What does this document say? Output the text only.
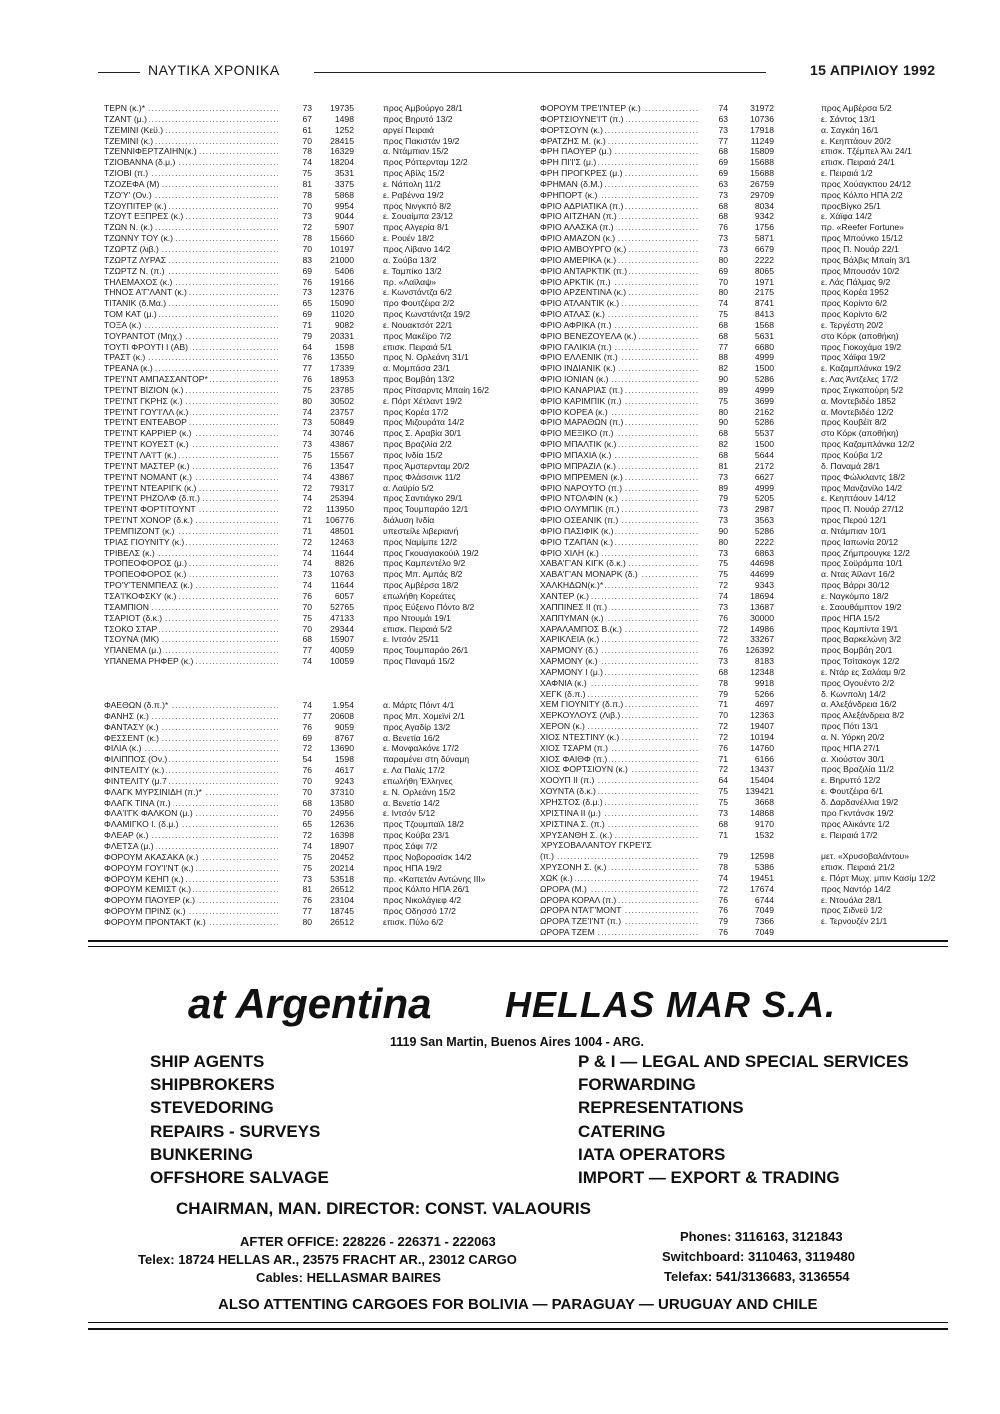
ΝΑΥΤΙΚΑ ΧΡΟΝΙΚΑ	15 ΑΠΡΙΛΙΟΥ 1992
ΤΕΡΝ (κ.)* .....	73	19735	προς Αμβούργο 28/1
ΤΖΑΝΤ (μ.) .....	67	1498	προς Βηρυτό 13/2
ΤΖΕΜΙΝΙ (Κεϋ.) .....	61	1252	αργεί Πειραιά
ΤΖΕΜΙΝΙ (κ.) .....	70	28415	προς Πακιστάν 19/2
ΤΖΕΝΝΙΦΕΡΤΖΑΙΗΝ(κ.) .....	78	16329	α. Ντάμπιαν 15/2
ΤΖΙΟΒΑΝΝΑ (δ.μ.) .....	74	18204	προς Ρόττερνταμ 12/2
ΤΖΙΟΒΙ (π.) .....	75	3531	προς Αβίλς 15/2
ΤΖΟΖΕΦΑ (Μ) .....	81	3375	ε. Νάπολη 11/2
ΤΖΟ'Υ' (Ον.) .....	78	5868	ε. Ραβέννα 19/2
ΤΖΟΥΠΙΤΕΡ (κ.) .....	70	9954	προς Νινγκπό 8/2
ΤΖΟΥΤ ΕΞΠΡΕΣ (κ.) .....	73	9044	ε. Σουαίμπα 23/12
ΤΖΩΝ Ν. (κ.) .....	72	5907	προς Αλγερία 8/1
ΤΖΩΝΝΥ ΤΟΥ (κ.) .....	78	15660	ε. Ρουέν 18/2
ΤΖΩΡΤΖ (λιβ.) .....	70	10197	προς Λίβανο 14/2
ΤΖΩΡΤΖ ΛΥΡΑΣ .....	83	21000	α. Σούβα 13/2
ΤΖΩΡΤΖ Ν. (π.) .....	69	5406	ε. Ταμπίκο 13/2
ΤΗΛΕΜΑΧΟΣ (κ.) .....	76	19166	πρ. «Λαϊλαψ»
ΤΗΝΟΣ Α'Γ'ΛΑΝΤ (κ.) .....	73	12376	ε. Κωνστάντζα 6/2
ΤΙΤΑΝΙΚ (δ.Μα.) .....	65	15090	προ Φουτζέιρα 2/2
ΤΟΜ ΚΑΤ (μ.) .....	69	11020	προς Κωνστάντζα 19/2
ΤΟΞΑ (κ.) .....	71	9082	ε. Νουακτσότ 22/1
ΤΟΥΡΑΝΤΟΤ (Μηχ.) .....	79	20331	προς Μακέϊρο 7/2
ΤΟΥΤΙ ΦΡΟΥΤΙ Ι (ΑΒ) .....	64	1598	επισκ. Πειραιά 5/1
ΤΡΑΣΤ (κ.) .....	76	13550	προς Ν. Ορλεάνη 31/1
ΤΡΕΑΝΑ (κ.) .....	77	17339	α. Μομπάσα 23/1
ΤΡΕ'Ι'ΝΤ ΑΜΠΑΣΣΑΝΤΟΡ* .....	76	18953	προς Βομβάη 13/2
ΤΡΕ'Ι'ΝΤ ΒΙΖΙΟΝ (κ.) .....	75	23785	προς Ρίτσαρντς Μπαίη 16/2
ΤΡΕ'Ι'ΝΤ ΓΚΡΗΣ (κ.) .....	80	30502	ε. Πόρτ Χέτλαντ 19/2
ΤΡΕ'Ι'ΝΤ ΓΟΥ'Ι'ΛΛ (κ.) .....	74	23757	προς Κορέα 17/2
ΤΡΕ'Ι'ΝΤ ΕΝΤΕΑΒΟΡ .....	73	50849	προς Μιζουράτα 14/2
ΤΡΕ'Ι'ΝΤ ΚΑΡΡΙΕΡ (κ.) .....	74	30746	προς Σ. Αραβία 30/1
ΤΡΕ'Ι'ΝΤ ΚΟΥΕΣΤ (κ.) .....	73	43867	προς Βραζιλία 2/2
ΤΡΕ'Ι'ΝΤ ΛΑ'Ι'Τ (κ.) .....	75	15567	προς Ινδία 15/2
ΤΡΕ'Ι'ΝΤ ΜΑΣΤΕΡ (κ.) .....	76	13547	προς Άμστερνταμ 20/2
ΤΡΕ'Ι'ΝΤ ΝΟΜΑΝΤ (κ.) .....	74	43867	προς Φλάσσινκ 11/2
ΤΡΕ'Ι'ΝΤ ΝΤΕΑΡΙΓΚ (κ.) .....	72	79317	α. Λαϋρίο 5/2
ΤΡΕ'Ι'ΝΤ ΡΗΖΟΛΦ (δ.π.) .....	74	25394	προς Σαντιάγκο 29/1
ΤΡΕ'Ι'ΝΤ ΦΟΡΤΙΤΟΥΝΤ .....	72	113950	προς Τουμπαράο 12/1
ΤΡΕ'Ι'ΝΤ ΧΟΝΟΡ (δ.κ.) .....	71	106776	διάλυση Ινδία
ΤΡΕΜΠΙΖΟΝΤ (κ.) .....	71	48501	υπεστείλε λιβεριανή
ΤΡΙΑΣ ΓΙΟΥΝΙΤΥ (κ.) .....	72	12463	προς Ναμίμπε 12/2
ΤΡΙΒΕΛΣ (κ.) .....	74	11644	προς Γκουαγιακούιλ 19/2
ΤΡΟΠΕΟΦΟΡΟΣ (μ.) .....	74	8826	προς Καμπεντέλο 9/2
ΤΡΟΠΕΟΦΟΡΟΣ (κ.) .....	73	10763	προς Μπ. Αμπάς 8/2
ΤΡΟ'Υ'ΤΕΝΜΠΕΛΣ (κ.) .....	74	11644	προς Αμβέρσα 18/2
ΤΣΑ'Ι'ΚΟΦΣΚΥ (κ.) .....	76	6057	επωλήθη Κορεάτες
ΤΣΑΜΠΙΟΝ .....	70	52765	προς Εύξεινο Πόντο 8/2
ΤΣΑΡΙΟΤ (δ.κ.) .....	75	47133	προ Ντουμάι 19/1
ΤΣΟΚΟ ΣΤΑΡ .....	70	29344	επισκ. Πειραιά 5/2
ΤΣΟΥΝΑ (ΜΚ) .....	68	15907	ε. Ιντσόν 25/11
ΥΠΑΝΕΜΑ (μ.) .....	77	40059	προς Τουμπαράο 26/1
ΥΠΑΝΕΜΑ ΡΗΦΕΡ (κ.) .....	74	10059	προς Παναμά 15/2
ΦΑΕΘΩΝ (δ.π.)* .....	74	1.954	α. Μάρτς Πόιντ 4/1
ΦΑΝΗΣ (κ.) .....	77	20608	προς Μπ. Χομεϊνί 2/1
ΦΑΝΤΑΣΥ (κ.) .....	76	9059	προς Αγαδίρ 13/2
ΦΕΣΣΕΝΤ (κ.) .....	69	8767	α. Βενετία 16/2
ΦΙΛΙΑ (κ.) .....	72	13690	ε. Μονφαλκόνε 17/2
ΦΙΛΙΠΠΟΣ (Ον.) .....	54	1598	παραμένει στη δύναμη
ΦΙΝΤΕΛΙΤΥ (κ.) .....	76	4617	ε. Λα Παλίς 17/2
ΦΙΝΤΕΛΙΤΥ (μ.7 .....	70	9243	επωλήθη Έλληνες
ΦΛΑΓΚ ΜΥΡΣΙΝΙΔΗ (π.)* .....	70	37310	ε. Ν. Ορλεάνη 15/2
ΦΛΑΓΚ ΤΙΝΑ (π.) .....	68	13580	α. Βενετία 14/2
ΦΛΑ'Ι'ΓΚ ΦΑΛΚΟΝ (μ.) .....	70	24956	ε. Ιντσόν 5/12
ΦΛΑΜΙΓΚΟ Ι. (δ.μ.) .....	65	12636	προς Τζουμπαϊλ 18/2
ΦΛΕΑΡ (κ.) .....	72	16398	προς Κούβα 23/1
ΦΛΕΤΣΑ (μ.) .....	74	18907	προς Σάφι 7/2
ΦΟΡΟΥΜ ΑΚΑΣΑΚΑ (κ.) .....	75	20452	προς Νοβοροσίσκ 14/2
ΦΟΡΟΥΜ ΓΟΥ'Ι'ΝΤ (κ.) .....	75	20214	προς ΗΠΑ 19/2
ΦΟΡΟΥΜ ΚΕΗΠ (κ.) .....	73	53518	πρ. «Καπετάν Αντώνης ΙΙΙ»
ΦΟΡΟΥΜ ΚΕΜΙΣΤ (κ.) .....	81	26512	προς Κόλπο ΗΠΑ 26/1
ΦΟΡΟΥΜ ΠΑΟΥΕΡ (κ.) .....	76	23104	προς Νικολάγιεφ 4/2
ΦΟΡΟΥΜ ΠΡΙΝΣ (κ.) .....	77	18745	προς Οδησσό 17/2
ΦΟΡΟΥΜ ΠΡΟΝΤΑΚΤ (κ.) .....	80	26512	επισκ. Πύλο 6/2
ΦΟΡΟΥΜ ΤΡΕ'Ι'ΝΤΕΡ (κ.) .....	74	31972	προς Αμβέρσα 5/2
ΦΟΡΤΣΙΟΥΝΕ'Ι'Τ (π.) .....	63	10736	ε. Σάντος 13/1
ΦΟΡΤΣΟΥΝ (κ.) .....	73	17918	α. Σαγκάη 16/1
ΦΡΑΤΖΗΣ Μ. (κ.) .....	77	11249	ε. Κεηπτάουν 20/2
ΦΡΗ ΠΑΟΥΕΡ (μ.) .....	68	15809	επισκ. Τζέμπελ Άλι 24/1
ΦΡΗ ΠΙ'Ι'Σ (μ.) .....	69	15688	επισκ. Πειραιά 24/1
ΦΡΗ ΠΡΟΓΚΡΕΣ (μ.) .....	69	15688	ε. Πειραιά 1/2
ΦΡΗΜΑΝ (δ.Μ.) .....	63	26759	προς Χούαγκπου 24/12
ΦΡΗΠΟΡΤ (κ.) .....	73	29709	προς Κόλπο ΗΠΑ 2/2
ΦΡΙΟ ΑΔΡΙΑΤΙΚΑ (π.) .....	68	8034	προςΒίγκο 25/1
ΦΡΙΟ ΑΙΤΖΗΑΝ (π.) .....	68	9342	ε. Χάϊφα 14/2
ΦΡΙΟ ΑΛΑΣΚΑ (π.) .....	76	1756	πρ. «Reefer Fortune»
ΦΡΙΟ ΑΜΑΖΟΝ (κ.) .....	73	5871	προς Μπούνκο 15/12
ΦΡΙΟ ΑΜΒΟΥΡΓΟ (κ.) .....	73	6679	προς Π. Νουάρ 22/1
ΦΡΙΟ ΑΜΕΡΙΚΑ (κ.) .....	80	2222	προς Βάλβις Μπαίη 3/1
ΦΡΙΟ ΑΝΤΑΡΚΤΙΚ (π.) .....	69	8065	προς Μπουσάν 10/2
ΦΡΙΟ ΑΡΚΤΙΚ (π.) .....	70	1971	ε. Λάς Πάλμας 9/2
ΦΡΙΟ ΑΡΖΕΝΤΙΝΑ (κ.) .....	80	2175	προς Κορέα 1952
ΦΡΙΟ ΑΤΛΑΝΤΙΚ (κ.) .....	74	8741	προς Κορίντο 6/2
ΦΡΙΟ ΑΤΛΑΣ (κ.) .....	75	8413	προς Κορίντο 6/2
ΦΡΙΟ ΑΦΡΙΚΑ (π.) .....	68	1568	ε. Τεργέστη 20/2
ΦΡΙΟ ΒΕΝΕΖΟΥΕΛΑ (κ.) .....	68	5631	στο Κόρκ (αποθήκη)
ΦΡΙΟ ΓΑΛΙΚΙΑ (π.) .....	77	6680	προς Γιοκοχάμα 19/2
ΦΡΙΟ ΕΛΛΕΝΙΚ (π.) .....	88	4999	προς Χάϊφα 19/2
ΦΡΙΟ ΙΝΔΙΑΝΙΚ (κ.) .....	82	1500	ε. Καζαμπλάνκα 19/2
ΦΡΙΟ ΙΟΝΙΑΝ (κ.) .....	90	5286	ε. Λας Άντζελες 17/2
ΦΡΙΟ ΚΑΝΑΡΙΑΣ (π.) .....	89	4999	προς Σιγκαπούρη 5/2
ΦΡΙΟ ΚΑΡΙΜΠΙΚ (π.) .....	75	3699	α. Μοντεβιδέο 1852
ΦΡΙΟ ΚΟΡΕΑ (κ.) .....	80	2162	α. Μοντεβιδέο 12/2
ΦΡΙΟ ΜΑΡΑΘΩΝ (π.) .....	90	5286	προς Κουβέϊτ 8/2
ΦΡΙΟ ΜΕΞΙΚΟ (π.) .....	68	5537	στο Κόρκ (αποθήκη)
ΦΡΙΟ ΜΠΑΛΤΙΚ (κ.) .....	82	1500	προς Καζαμπλάνκα 12/2
ΦΡΙΟ ΜΠΑΧΙΑ (κ.) .....	68	5644	προς Κούβα 1/2
ΦΡΙΟ ΜΠΡΑΖΙΛ (κ.) .....	81	2172	δ. Παναμά 28/1
ΦΡΙΟ ΜΠΡΕΜΕΝ (κ.) .....	73	6627	προς Φώλκλαντς 18/2
ΦΡΙΟ ΝΑΡΟΥΤΟ (π.) .....	89	4999	προς Μανζανίλο 14/2
ΦΡΙΟ ΝΤΟΛΦΙΝ (κ.) .....	79	5205	ε. Κεηπτάουν 14/12
ΦΡΙΟ ΟΛΥΜΠΙΚ (π.) .....	73	2987	προς Π. Νουάρ 27/12
ΦΡΙΟ ΟΣΕΑΝΙΚ (π.) .....	73	3563	προς Περού 12/1
ΦΡΙΟ ΠΑΣΙΦΙΚ (κ.) .....	90	5286	α. Ντάμπιαν 10/1
ΦΡΙΟ ΤΖΑΠΑΝ (κ.) .....	80	2222	προς Ιαπωνία 20/12
ΦΡΙΟ ΧΙΛΗ (κ.) .....	73	6863	προς Ζήμπρουγκε 12/2
ΧΑΒΑ'Γ'ΑΝ ΚΙΓΚ (δ.κ.) .....	75	44698	προς Σοϋράμπα 10/1
ΧΑΒΑ'Γ'ΑΝ ΜΟΝΑΡΚ (δ.) .....	75	44699	α. Ντας Άϊλαντ 16/2
ΧΑΛΚΗΔΩΝ(κ.)* .....	72	9343	προς Βάρρι 30/12
ΧΑΝΤΕΡ (κ.) .....	74	18694	ε. Ναγκόμπο 18/2
ΧΑΠΠΙΝΕΣ ΙΙ (π.) .....	73	13687	ε. Σαουθάμπτον 19/2
ΧΑΠΠΥΜΑΝ (κ.) .....	76	30000	προς ΗΠΑ 15/2
ΧΑΡΑΛΑΜΠΟΣ Β.(κ.) .....	72	14986	προς Καμπίντα 19/1
ΧΑΡΙΚΛΕΙΑ (κ.) .....	72	33267	προς Βαρκελώνη 3/2
ΧΑΡΜΟΝΥ (δ.) .....	76	126392	προς Βομβάη 20/1
ΧΑΡΜΟΝΥ (κ.) .....	73	8183	προς Τσίτακογκ 12/2
ΧΑΡΜΟΝΥ Ι (μ.) .....	68	12348	ε. Ντάρ ες Σαλάαμ 9/2
ΧΑΦΝΙΑ (κ.) .....	78	9918	προς Ογουέντο 2/2
ΧΕΓΚ (δ.π.) .....	79	5266	δ. Κωνπολη 14/2
ΧΕΜ ΓΙΟΥΝΙΤΥ (δ.π.) .....	71	4697	α. Αλεξάνδρεια 16/2
ΧΕΡΚΟΥΛΟΥΣ (Λιβ.) .....	70	12363	προς Αλεξάνδρεια 8/2
ΧΕΡΟΝ (κ.) .....	72	19407	προς Πότι 13/1
ΧΙΟΣ ΝΤΕΣΤΙΝΥ (κ.) .....	72	10194	α. Ν. Υόρκη 20/2
ΧΙΟΣ ΤΣΑΡΜ (π.) .....	76	14760	προς ΗΠΑ 27/1
ΧΙΟΣ ΦΑΙΘΦ (π.) .....	71	6166	α. Χιούστον 30/1
ΧΙΟΣ ΦΟΡΤΣΙΟΥΝ (κ.) .....	72	13437	προς Βραζιλία 11/2
ΧΟΟΥΠ ΙΙ (π.) .....	64	15404	ε. Βηρυττό 12/2
ΧΟΥΝΤΑ (δ.κ.) .....	75	139421	ε. Φουτζέιρα 6/1
ΧΡΗΣΤΟΣ (δ.μ.) .....	75	3668	δ. Δαρδανέλλια 19/2
ΧΡΙΣΤΙΝΑ ΙΙ (μ.) .....	73	14868	προ Γκντάνσκ 19/2
ΧΡΙΣΤΙΝΑ Σ. (π.) .....	68	9170	προς Αλικάντε 1/2
ΧΡΥΣΑΝΘΗ Σ. (κ.) .....	71	1532	ε. Πειραιά 17/2
ΧΡΥΣΟΒΑΛΑΝΤΟΥ ΓΚΡΕ'Ι'Σ
(π.) .....	79	12598	μετ. «Χρυσοβαλάντου»
ΧΡΥΣΟΝΗ Σ. (κ.) .....	78	5386	επισκ. Πειραιά 21/2
ΧΩΚ (κ.) .....	74	19451	ε. Πόρτ Μωχ. μπιν Κασίμ 12/2
ΩΡΟΡΑ (Μ.) .....	72	17674	προς Ναντόρ 14/2
ΩΡΟΡΑ ΚΟΡΑΛ (π.) .....	76	6744	ε. Ντουάλα 28/1
ΩΡΟΡΑ ΝΤΑ'Γ'ΜΟΝΤ .....	76	7049	προς Σιδνεϋ 1/2
ΩΡΟΡΑ ΤΖΕ'Ι'ΝΤ (π.) .....	79	7366	ε. Τερνουζέν 21/1
ΩΡΟΡΑ ΤΖΕΜ .....	76	7049
at Argentina HELLAS MAR S.A.
1119 San Martin, Buenos Aires 1004 - ARG.
SHIP AGENTS
SHIPBROKERS
STEVEDORING
REPAIRS - SURVEYS
BUNKERING
OFFSHORE SALVAGE
P & I — LEGAL AND SPECIAL SERVICES
FORWARDING
REPRESENTATIONS
CATERING
IATA OPERATORS
IMPORT — EXPORT & TRADING
CHAIRMAN, MAN. DIRECTOR: CONST. VALAOURIS
AFTER OFFICE: 228226 - 226371 - 222063
Telex: 18724 HELLAS AR., 23575 FRACHT AR., 23012 CARGO
Cables: HELLASMAR BAIRES
Phones: 3116163, 3121843
Switchboard: 3110463, 3119480
Telefax: 541/3136683, 3136554
ALSO ATTENTING CARGOES FOR BOLIVIA — PARAGUAY — URUGUAY AND CHILE
